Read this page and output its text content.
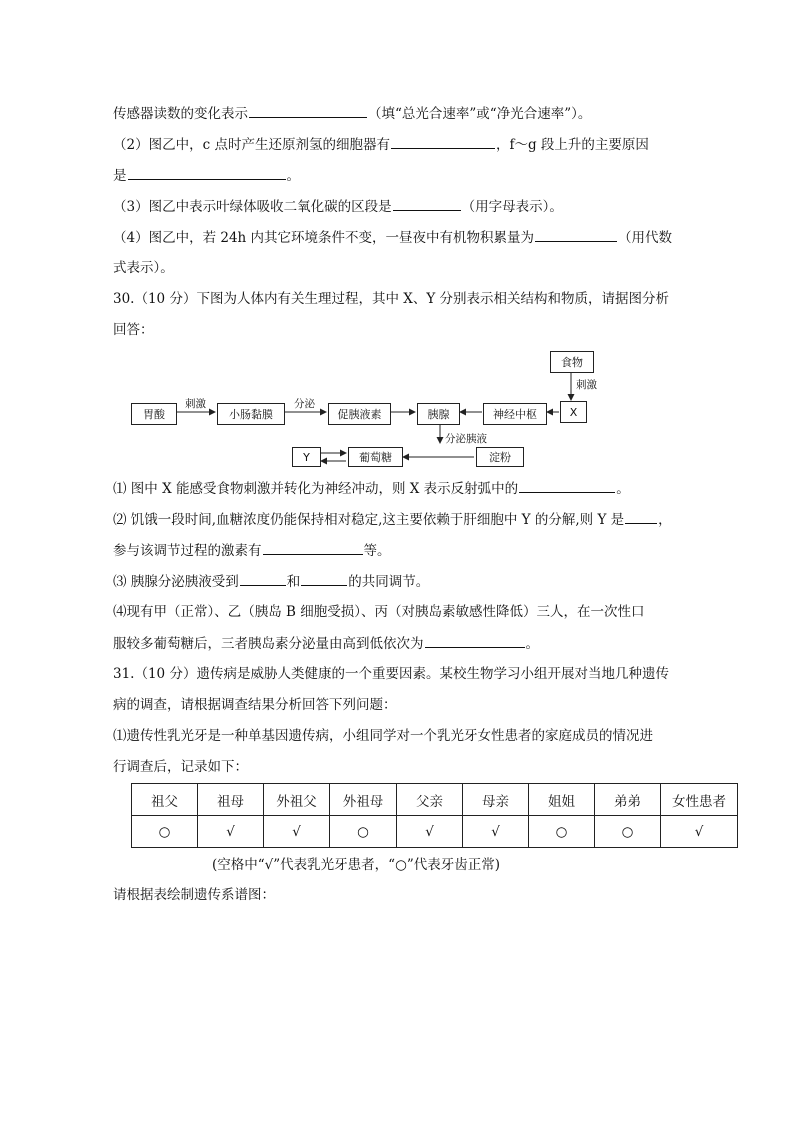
传感器读数的变化表示	（填“总光合速率”或“净光合速率”）。
（2）图乙中，c 点时产生还原剂氢的细胞器有	，f～g 段上升的主要原因
是	。
（3）图乙中表示叶绿体吸收二氧化碳的区段是	（用字母表示）。
（4）图乙中，若 24h 内其它环境条件不变，一昼夜中有机物积累量为	（用代数
式表示）。
30.（10 分）下图为人体内有关生理过程，其中 X、Y 分别表示相关结构和物质，请据图分析
回答：
食物
刺激
X
胃酸
刺激
小肠黏膜
分泌
促胰液素	胰腺	神经中枢
分泌胰液
Y	葡萄糖	淀粉
⑴ 图中 X 能感受食物刺激并转化为神经冲动，则 X 表示反射弧中的	。
⑵ 饥饿一段时间,血糖浓度仍能保持相对稳定,这主要依赖于肝细胞中 Y 的分解,则 Y 是	，
参与该调节过程的激素有	等。
⑶ 胰腺分泌胰液受到	和	的共同调节。
⑷现有甲（正常）、乙（胰岛 B 细胞受损）、丙（对胰岛素敏感性降低）三人，在一次性口
服较多葡萄糖后，三者胰岛素分泌量由高到低依次为	。
31.（10 分）遗传病是威胁人类健康的一个重要因素。某校生物学习小组开展对当地几种遗传
病的调查，请根据调查结果分析回答下列问题：
⑴遗传性乳光牙是一种单基因遗传病，小组同学对一个乳光牙女性患者的家庭成员的情况进
行调查后，记录如下：
祖父	祖母	外祖父	外祖母	父亲	母亲	姐姐	弟弟	女性患者
○	√	√	○	√	√	○	○	√
(空格中“√”代表乳光牙患者，“○”代表牙齿正常)
请根据表绘制遗传系谱图：
